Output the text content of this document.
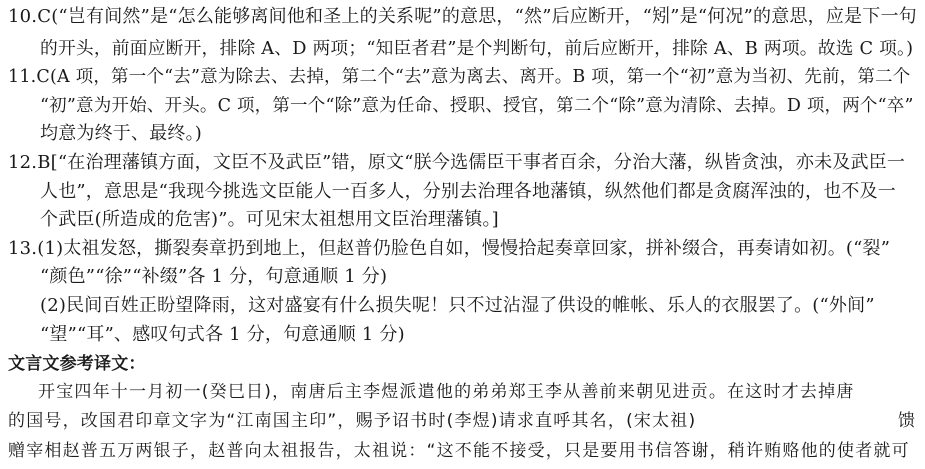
10.C(“岂有间然”是“怎么能够离间他和圣上的关系呢”的意思，“然”后应断开，“矧”是“何况”的意思，应是下一句
的开头，前面应断开，排除 A、D 两项；“知臣者君”是个判断句，前后应断开，排除 A、B 两项。故选 C 项。)
11.C(A 项，第一个“去”意为除去、去掉，第二个“去”意为离去、离开。B 项，第一个“初”意为当初、先前，第二个
“初”意为开始、开头。C 项，第一个“除”意为任命、授职、授官，第二个“除”意为清除、去掉。D 项，两个“卒”
均意为终于、最终。)
12.B[“在治理藩镇方面，文臣不及武臣”错，原文“朕今选儒臣干事者百余，分治大藩，纵皆贪浊，亦未及武臣一
人也”，意思是“我现今挑选文臣能人一百多人，分别去治理各地藩镇，纵然他们都是贪腐浑浊的，也不及一
个武臣(所造成的危害)”。可见宋太祖想用文臣治理藩镇。]
13.(1)太祖发怒，撕裂奏章扔到地上，但赵普仍脸色自如，慢慢拾起奏章回家，拼补缀合，再奏请如初。(“裂”
“颜色”“徐”“补缀”各 1 分，句意通顺 1 分)
(2)民间百姓正盼望降雨，这对盛宴有什么损失呢！只不过沾湿了供设的帷帐、乐人的衣服罢了。(“外间”
“望”“耳”、感叹句式各 1 分，句意通顺 1 分)
文言文参考译文：
开宝四年十一月初一(癸巳日)，南唐后主李煜派遣他的弟弟郑王李从善前来朝见进贡。在这时才去掉唐
的国号，改国君印章文字为“江南国主印”，赐予诏书时(李煜)请求直呼其名，(宋太祖)	馈
赠宰相赵普五万两银子，赵普向太祖报告，太祖说：“这不能不接受，只是要用书信答谢，稍许贿赂他的使者就可
